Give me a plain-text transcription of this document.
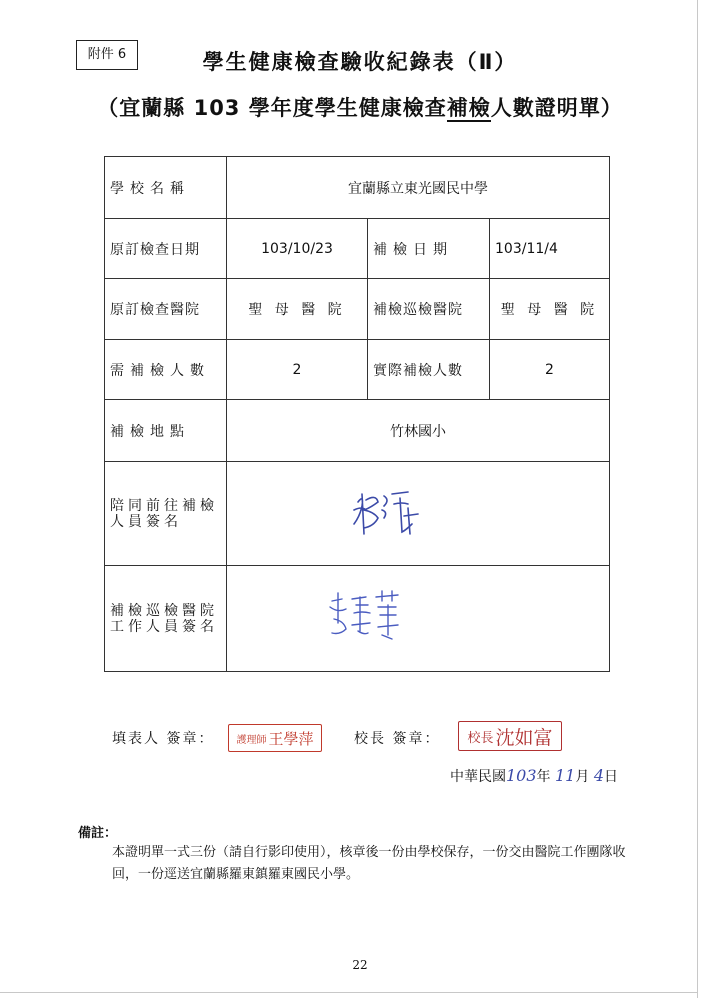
附件 6	學生健康檢查驗收紀錄表（Ⅱ）
（宜蘭縣 103 學年度學生健康檢查補檢人數證明單）
學校名稱	宜蘭縣立東光國民中學		
原訂檢查日期	103/10/23	補檢日期	103/11/4
原訂檢查醫院	聖 母 醫 院	補檢巡檢醫院	聖 母 醫 院
需補檢人數	2	實際補檢人數	2
補檢地點	竹林國小		

陪同前往補檢
人員簽名

補檢巡檢醫院
工作人員簽名

填表人 簽章： 護理師 王學萍	校長 簽章： 校長 沈如富
中華民國103年 11月 4日
備註：
本證明單一式三份（請自行影印使用），核章後一份由學校保存，一份交由醫院工作團隊收回，一份逕送宜蘭縣羅東鎮羅東國民小學。
22
